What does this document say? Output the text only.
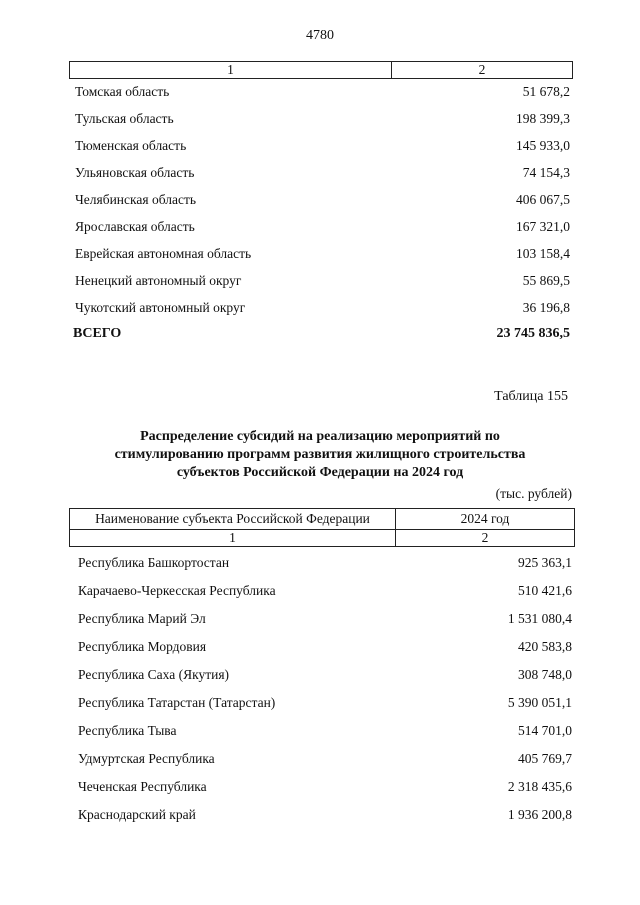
4780
1	2
Томская область	51 678,2
Тульская область	198 399,3
Тюменская область	145 933,0
Ульяновская область	74 154,3
Челябинская область	406 067,5
Ярославская область	167 321,0
Еврейская автономная область	103 158,4
Ненецкий автономный округ	55 869,5
Чукотский автономный округ	36 196,8
ВСЕГО	23 745 836,5
Таблица 155
Распределение субсидий на реализацию мероприятий по
стимулированию программ развития жилищного строительства
субъектов Российской Федерации на 2024 год
(тыс. рублей)
Наименование субъекта Российской Федерации	2024 год
1	2
Республика Башкортостан	925 363,1
Карачаево-Черкесская Республика	510 421,6
Республика Марий Эл	1 531 080,4
Республика Мордовия	420 583,8
Республика Саха (Якутия)	308 748,0
Республика Татарстан (Татарстан)	5 390 051,1
Республика Тыва	514 701,0
Удмуртская Республика	405 769,7
Чеченская Республика	2 318 435,6
Краснодарский край	1 936 200,8
